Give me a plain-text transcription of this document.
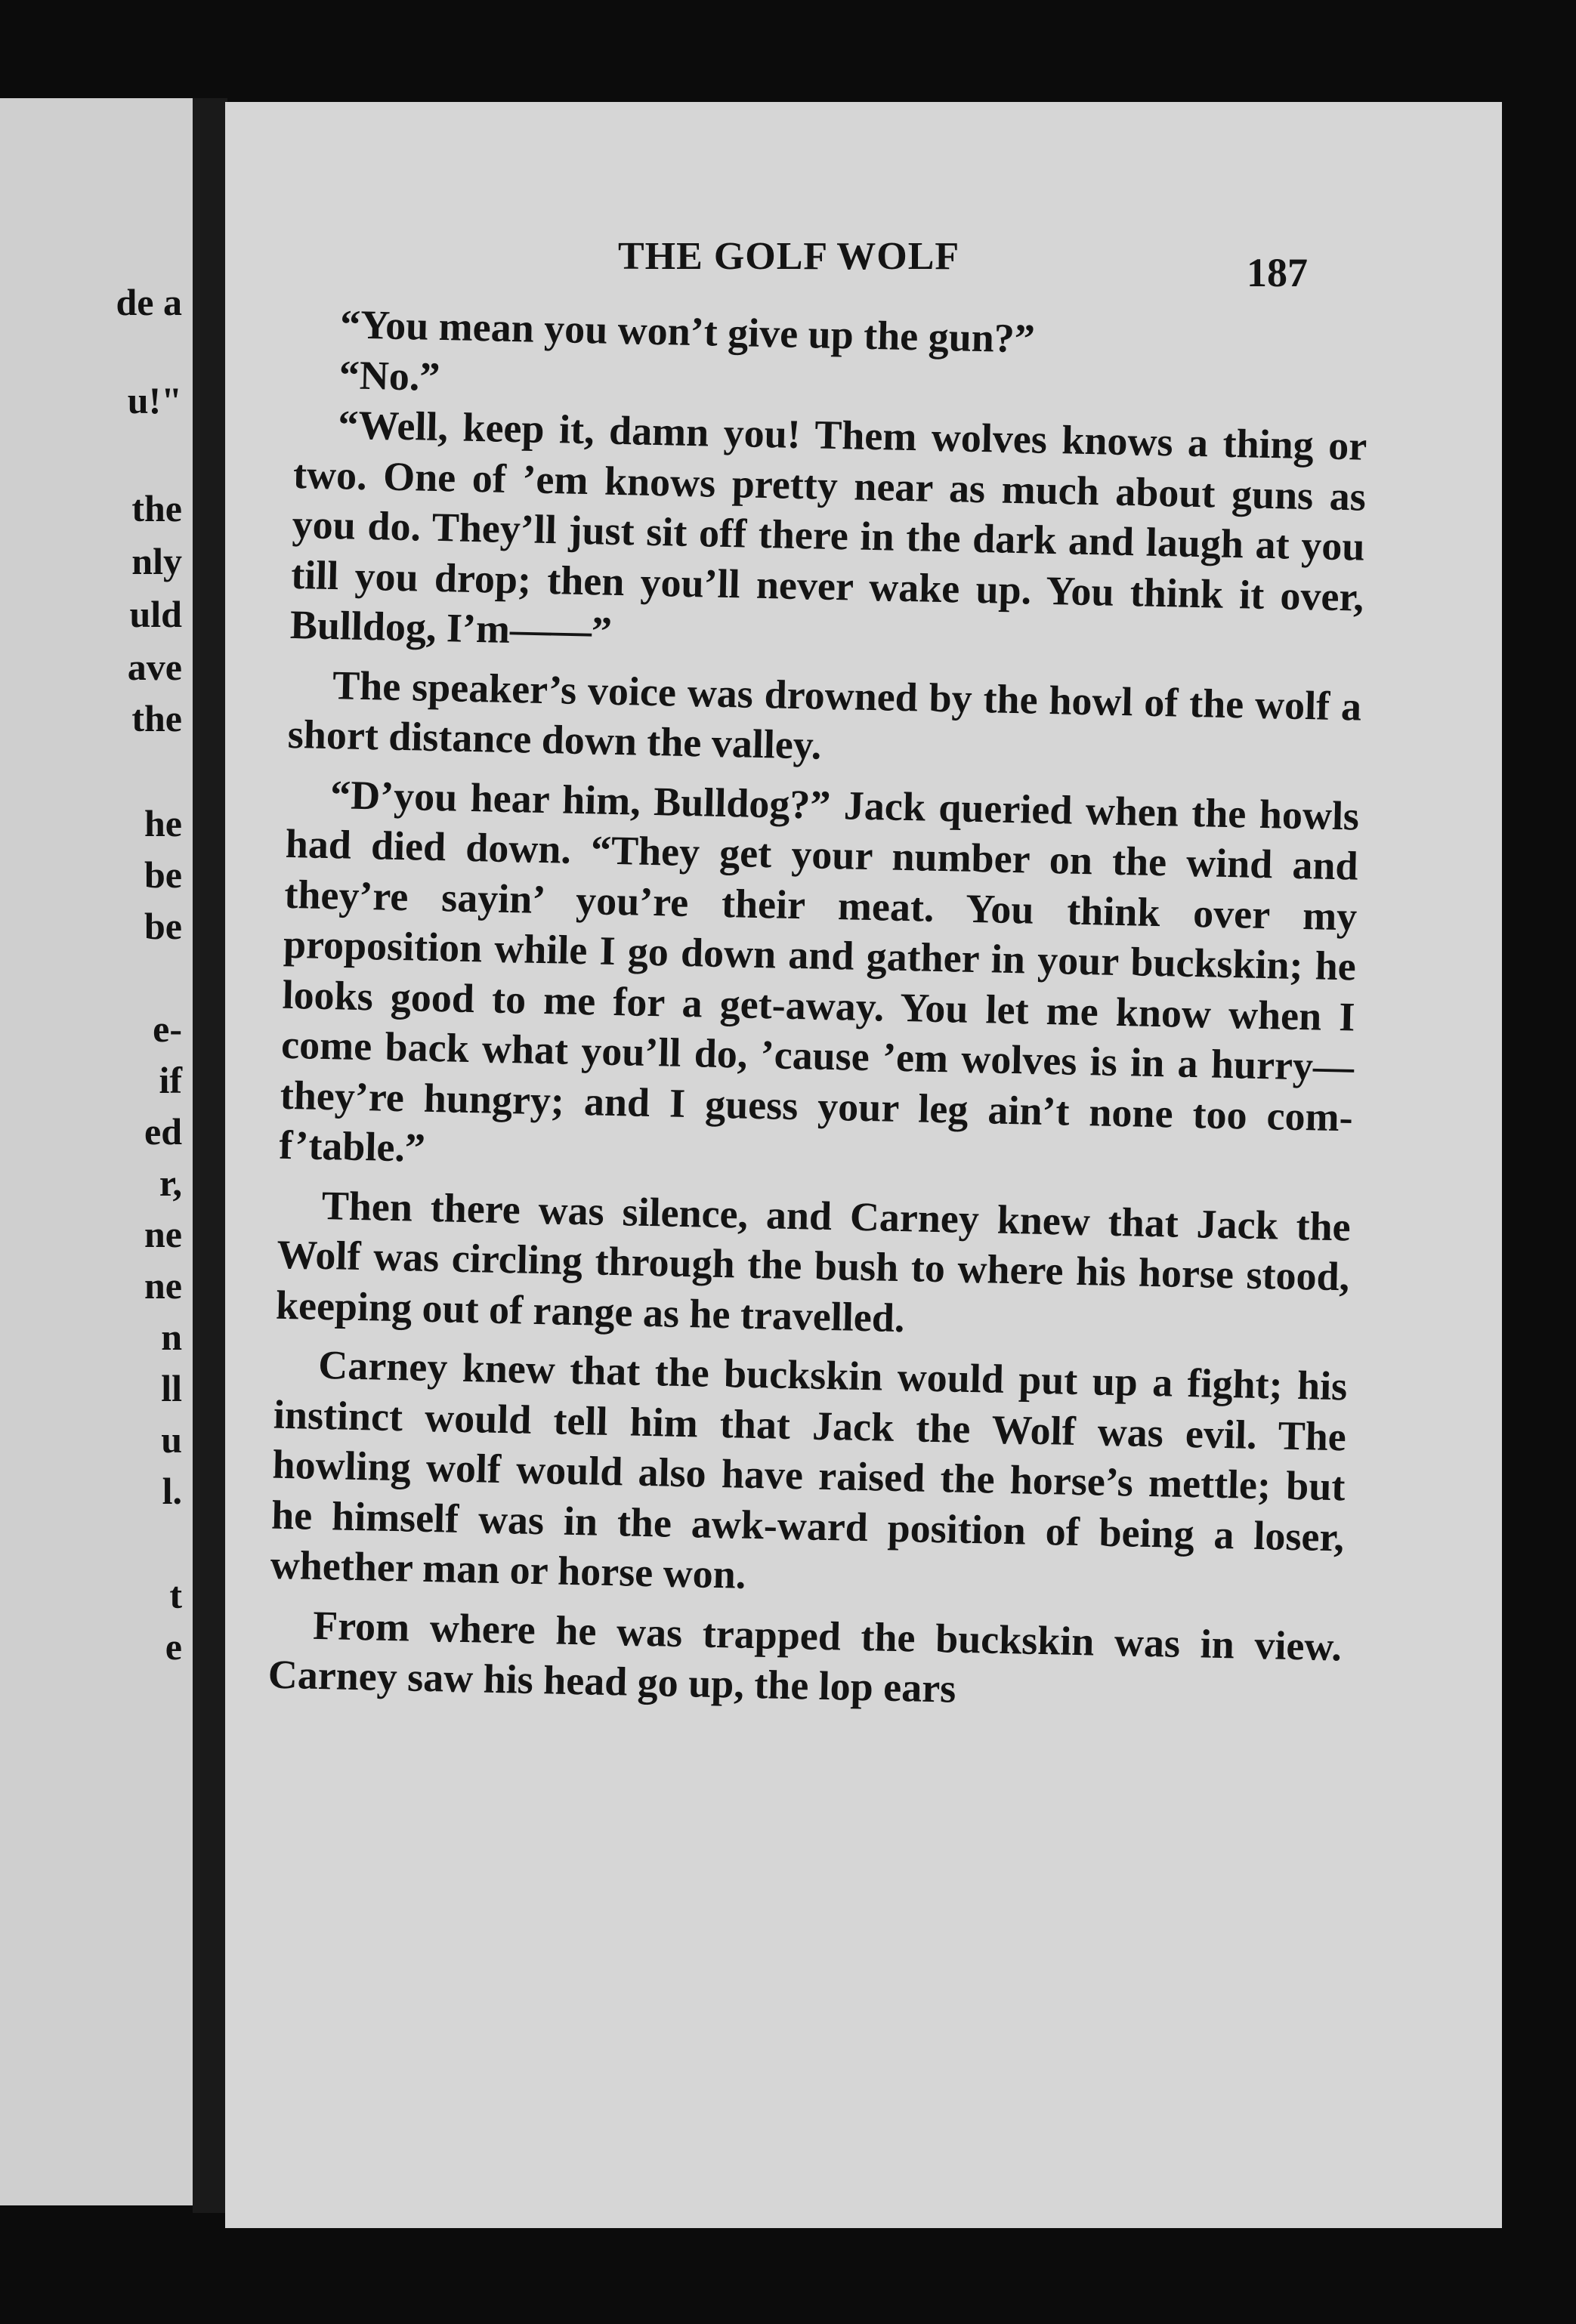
de a
u!"
the
nly
uld
ave
the
he
be
be
e-
if
ed
r,
ne
ne
n
ll
u
l.
t
e
THE GOLF WOLF	187

“You mean you won’t give up the gun?”

“No.”

“Well, keep it, damn you! Them wolves knows a thing or two. One of ’em knows pretty near as much about guns as you do. They’ll just sit off there in the dark and laugh at you till you drop; then you’ll never wake up. You think it over, Bulldog, I’m——”

The speaker’s voice was drowned by the howl of the wolf a short distance down the valley.

“D’you hear him, Bulldog?” Jack queried when the howls had died down. “They get your number on the wind and they’re sayin’ you’re their meat. You think over my proposition while I go down and gather in your buckskin; he looks good to me for a get-away. You let me know when I come back what you’ll do, ’cause ’em wolves is in a hurry—they’re hungry; and I guess your leg ain’t none too com-f’table.”

Then there was silence, and Carney knew that Jack the Wolf was circling through the bush to where his horse stood, keeping out of range as he travelled.

Carney knew that the buckskin would put up a fight; his instinct would tell him that Jack the Wolf was evil. The howling wolf would also have raised the horse’s mettle; but he himself was in the awk-ward position of being a loser, whether man or horse won.

From where he was trapped the buckskin was in view. Carney saw his head go up, the lop ears
